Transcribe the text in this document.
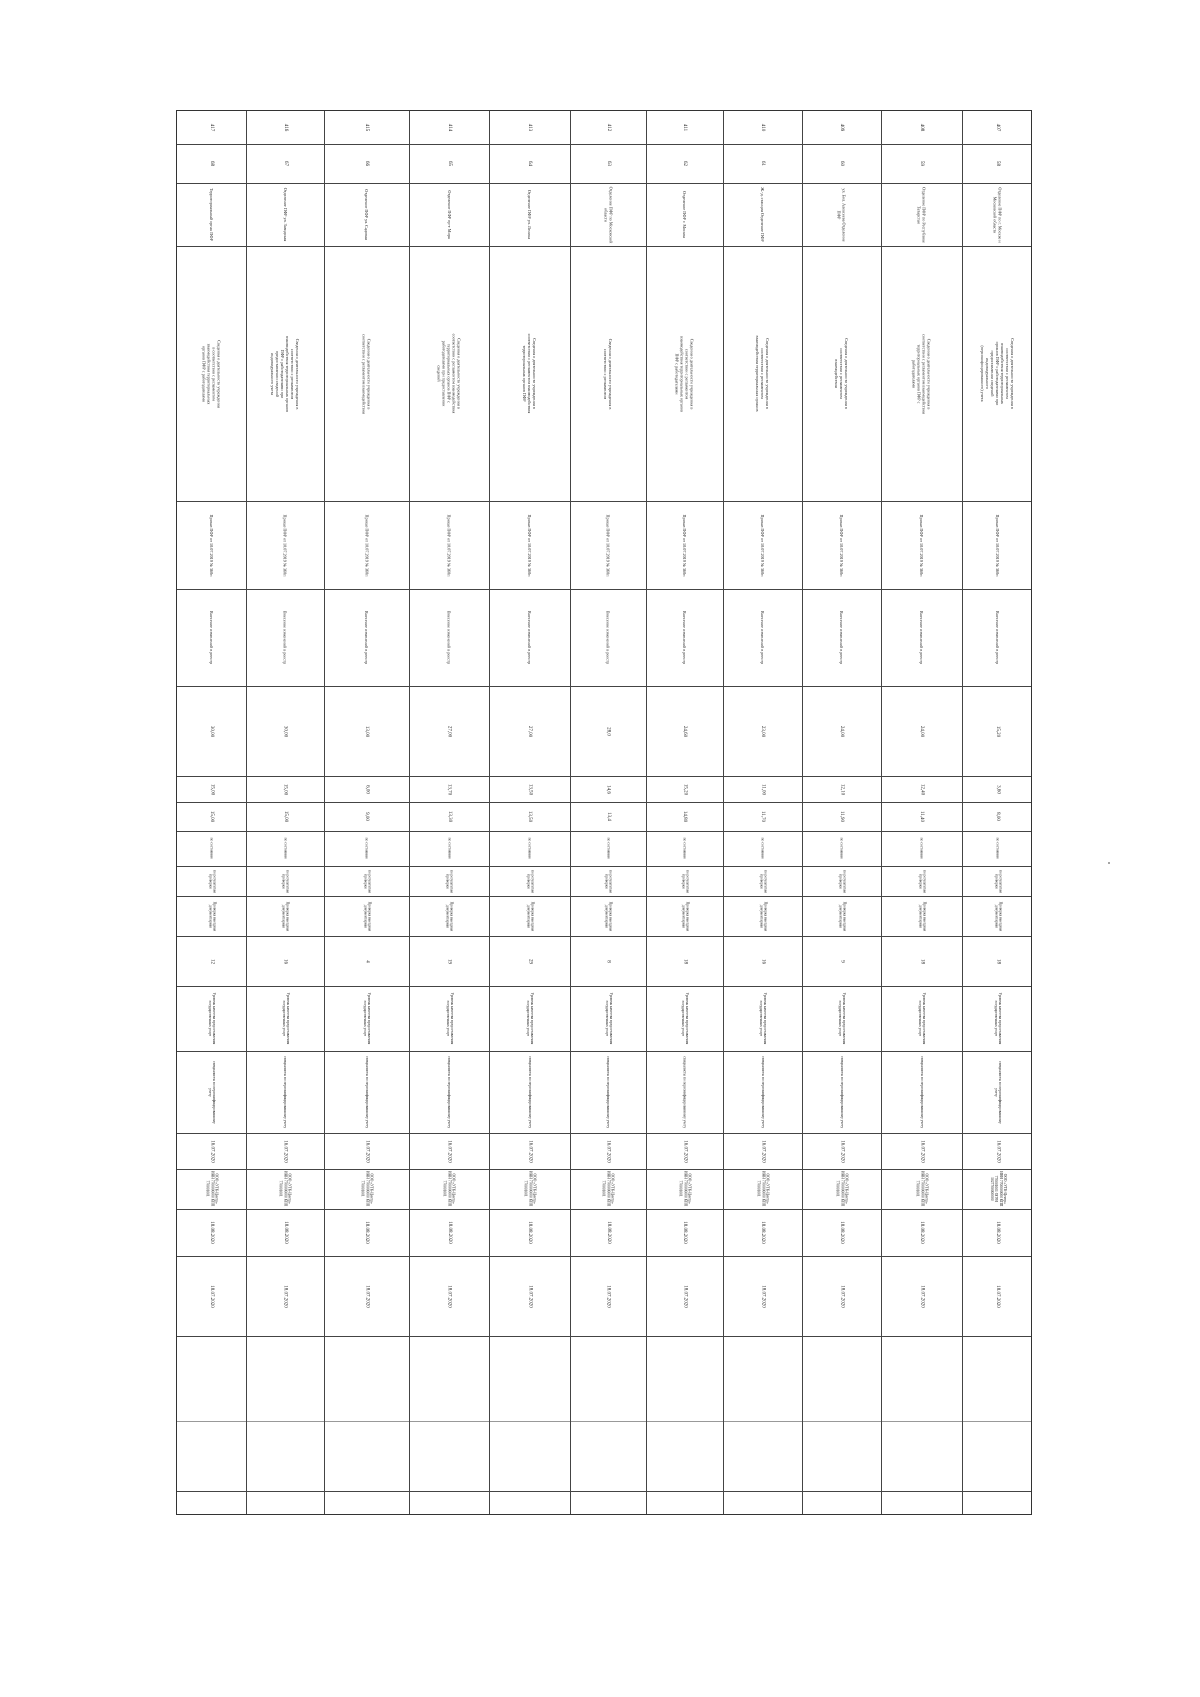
407
58
Отделение ПФР по г. Москве и Московской области
Сведения о деятельности учреждения в соответствии с регламентом взаимодействия территориальных органов ПФР с работодателями при предоставлении сведений индивидуального (персонифицированного) учета
Приказ ПФР от 10.07.2019 № 360п
Внесение изменений в реестр
15,20
3,60
8,00
по состоянию
по результатам проверки
Проверка выездная документарная
18
Уровень качества предоставления государственных услуг
специалисты по персонифицированному учету
16.07.2020
ООО «УТК-Центр» ИНН 7700000000 КПП 770001001 ОГРН 1027700000000
18.08.2020
18.07.2020
408
59
Отделение ПФР по Республике Татарстан
Сведения о деятельности учреждения в соответствии с регламентом взаимодействия территориальных органов ПФР с работодателями
Приказ ПФР от 10.07.2019 № 360п
Внесение изменений в реестр
24,00
12,40
11,40
по состоянию
по результатам проверки
Проверка выездная документарная
18
Уровень качества предоставления государственных услуг
специалисты по персонифицированному учету
16.07.2020
ООО «УТК-Центр» ИНН 7700000000 КПП 770001001
18.08.2020
18.07.2020
409
60
ул. Бол. Алексеева Отделение ПФР
Сведения о деятельности учреждения в соответствии с регламентом взаимодействия
Приказ ПФР от 10.07.2019 № 360п
Внесение изменений в реестр
24,00
12,10
11,90
по состоянию
по результатам проверки
Проверка выездная документарная
9
Уровень качества предоставления государственных услуг
специалисты по персонифицированному учету
16.07.2020
ООО «УТК-Центр» ИНН 7700000000 КПП 770001001
18.08.2020
18.07.2020
410
61
Ж.-д. станция Отделение ПФР
Сведения о деятельности учреждения в соответствии с регламентом взаимодействия территориальных органов
Приказ ПФР от 10.07.2019 № 360п
Внесение изменений в реестр
23,00
11,00
11,70
по состоянию
по результатам проверки
Проверка выездная документарная
16
Уровень качества предоставления государственных услуг
специалисты по персонифицированному учету
16.07.2020
ООО «УТК-Центр» ИНН 7700000000 КПП 770001001
18.08.2020
18.07.2020
411
62
Отделение ПФР г. Москва
Сведения о деятельности учреждения в соответствии с регламентом взаимодействия территориальных органов ПФР с работодателями
Приказ ПФР от 10.07.2019 № 360п
Внесение изменений в реестр
24,60
15,20
14,80
по состоянию
по результатам проверки
Проверка выездная документарная
18
Уровень качества предоставления государственных услуг
специалисты по персонифицированному учету
16.07.2020
ООО «УТК-Центр» ИНН 7700000000 КПП 770001001
18.08.2020
18.07.2020
412
63
Отделение ПФР по Московской области
Сведения о деятельности учреждения в соответствии с регламентом
Приказ ПФР от 10.07.2019 № 360п
Внесение изменений в реестр
28,0
14,6
13,4
по состоянию
по результатам проверки
Проверка выездная документарная
8
Уровень качества предоставления государственных услуг
специалисты по персонифицированному учету
16.07.2020
ООО «УТК-Центр» ИНН 7700000000 КПП 770001001
18.08.2020
18.07.2020
413
64
Отделение ПФР ул. Ленина
Сведения о деятельности учреждения в соответствии с регламентом взаимодействия территориальных органов ПФР
Приказ ПФР от 10.07.2019 № 360п
Внесение изменений в реестр
27,00
13,50
13,50
по состоянию
по результатам проверки
Проверка выездная документарная
29
Уровень качества предоставления государственных услуг
специалисты по персонифицированному учету
16.07.2020
ООО «УТК-Центр» ИНН 7700000000 КПП 770001001
18.08.2020
18.07.2020
414
65
Отделение ПФР пр-т Мира
Сведения о деятельности учреждения в соответствии с регламентом взаимодействия территориальных органов ПФР с работодателями при предоставлении сведений
Приказ ПФР от 10.07.2019 № 360п
Внесение изменений в реестр
27,00
13,70
13,30
по состоянию
по результатам проверки
Проверка выездная документарная
19
Уровень качества предоставления государственных услуг
специалисты по персонифицированному учету
16.07.2020
ООО «УТК-Центр» ИНН 7700000000 КПП 770001001
18.08.2020
18.07.2020
415
66
Отделение ПФР ул. Садовая
Сведения о деятельности учреждения в соответствии с регламентом взаимодействия
Приказ ПФР от 10.07.2019 № 360п
Внесение изменений в реестр
13,00
6,00
9,00
по состоянию
по результатам проверки
Проверка выездная документарная
4
Уровень качества предоставления государственных услуг
специалисты по персонифицированному учету
16.07.2020
ООО «УТК-Центр» ИНН 7700000000 КПП 770001001
18.08.2020
18.07.2020
416
67
Отделение ПФР ул. Заводская
Сведения о деятельности учреждения в соответствии с регламентом взаимодействия территориальных органов ПФР с работодателями при предоставлении сведений индивидуального учета
Приказ ПФР от 10.07.2019 № 360п
Внесение изменений в реестр
30,00
15,00
15,00
по состоянию
по результатам проверки
Проверка выездная документарная
16
Уровень качества предоставления государственных услуг
специалисты по персонифицированному учету
16.07.2020
ООО «УТК-Центр» ИНН 7700000000 КПП 770001001
18.08.2020
18.07.2020
417
68
Территориальный орган ПФР
Сведения о деятельности учреждения в соответствии с регламентом взаимодействия территориальных органов ПФР с работодателями
Приказ ПФР от 10.07.2019 № 360п
Внесение изменений в реестр
30,00
15,00
15,00
по состоянию
по результатам проверки
Проверка выездная документарная
12
Уровень качества предоставления государственных услуг
специалисты по персонифицированному учету
16.07.2020
ООО «УТК-Центр» ИНН 7700000000 КПП 770001001
18.08.2020
18.07.2020
